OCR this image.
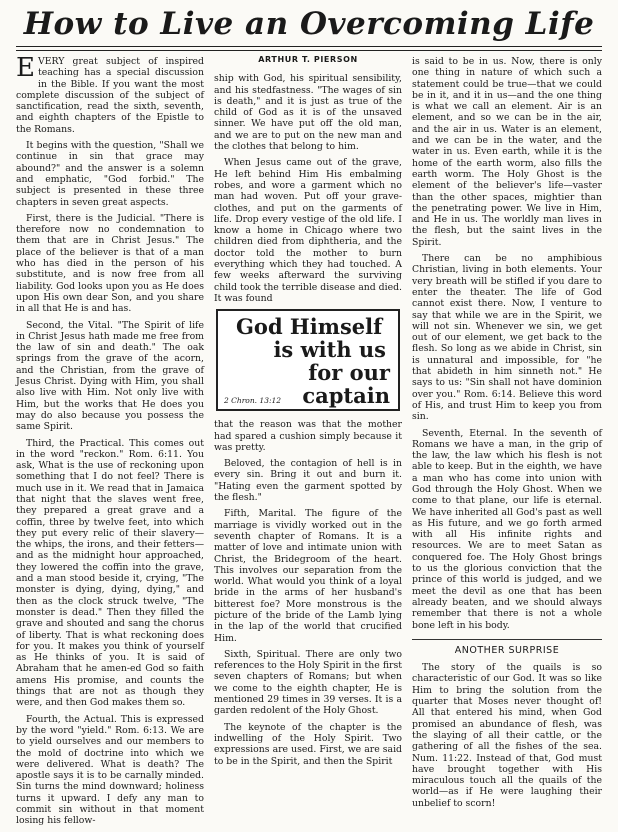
How to Live an Overcoming Life

EVERY great subject of inspired teaching has a special discussion in the Bible. If you want the most complete discussion of the subject of sanctification, read the sixth, seventh, and eighth chapters of the Epistle to the Romans.

It begins with the question, "Shall we continue in sin that grace may abound?" and the answer is a solemn and emphatic, "God forbid." The subject is presented in these three chapters in seven great aspects.

First, there is the Judicial. "There is therefore now no condemnation to them that are in Christ Jesus." The place of the believer is that of a man who has died in the person of his substitute, and is now free from all liability. God looks upon you as He does upon His own dear Son, and you share in all that He is and has.

Second, the Vital. "The Spirit of life in Christ Jesus hath made me free from the law of sin and death." The oak springs from the grave of the acorn, and the Christian, from the grave of Jesus Christ. Dying with Him, you shall also live with Him. Not only live with Him, but the works that He does you may do also because you possess the same Spirit.

Third, the Practical. This comes out in the word "reckon." Rom. 6:11. You ask, What is the use of reckoning upon something that I do not feel? There is much use in it. We read that in Jamaica that night that the slaves went free, they prepared a great grave and a coffin, three by twelve feet, into which they put every relic of their slavery—the whips, the irons, and their fetters—and as the midnight hour approached, they lowered the coffin into the grave, and a man stood beside it, crying, "The monster is dying, dying, dying," and then as the clock struck twelve, "The monster is dead." Then they filled the grave and shouted and sang the chorus of liberty. That is what reckoning does for you. It makes you think of yourself as He thinks of you. It is said of Abraham that he amen-ed God so faith amens His promise, and counts the things that are not as though they were, and then God makes them so.

Fourth, the Actual. This is expressed by the word "yield." Rom. 6:13. We are to yield ourselves and our members to the mold of doctrine into which we were delivered. What is death? The apostle says it is to be carnally minded. Sin turns the mind downward; holiness turns it upward. I defy any man to commit sin without in that moment losing his fellow-

ARTHUR T. PIERSON

ship with God, his spiritual sensibility, and his stedfastness. "The wages of sin is death," and it is just as true of the child of God as it is of the unsaved sinner. We have put off the old man, and we are to put on the new man and the clothes that belong to him.

When Jesus came out of the grave, He left behind Him His embalming robes, and wore a garment which no man had woven. Put off your grave-clothes, and put on the garments of life. Drop every vestige of the old life. I know a home in Chicago where two children died from diphtheria, and the doctor told the mother to burn everything which they had touched. A few weeks afterward the surviving child took the terrible disease and died. It was found

God Himself
is with us
for our captain
2 Chron. 13:12

that the reason was that the mother had spared a cushion simply because it was pretty.

Beloved, the contagion of hell is in every sin. Bring it out and burn it. "Hating even the garment spotted by the flesh."

Fifth, Marital. The figure of the marriage is vividly worked out in the seventh chapter of Romans. It is a matter of love and intimate union with Christ, the Bridegroom of the heart. This involves our separation from the world. What would you think of a loyal bride in the arms of her husband's bitterest foe? More monstrous is the picture of the bride of the Lamb lying in the lap of the world that crucified Him.

Sixth, Spiritual. There are only two references to the Holy Spirit in the first seven chapters of Romans; but when we come to the eighth chapter, He is mentioned 29 times in 39 verses. It is a garden redolent of the Holy Ghost.

The keynote of the chapter is the indwelling of the Holy Spirit. Two expressions are used. First, we are said to be in the Spirit, and then the Spirit

is said to be in us. Now, there is only one thing in nature of which such a statement could be true—that we could be in it, and it in us—and the one thing is what we call an element. Air is an element, and so we can be in the air, and the air in us. Water is an element, and we can be in the water, and the water in us. Even earth, while it is the home of the earth worm, also fills the earth worm. The Holy Ghost is the element of the believer's life—vaster than the other spaces, mightier than the penetrating power. We live in Him, and He in us. The worldly man lives in the flesh, but the saint lives in the Spirit.

There can be no amphibious Christian, living in both elements. Your very breath will be stifled if you dare to enter the theater. The life of God cannot exist there. Now, I venture to say that while we are in the Spirit, we will not sin. Whenever we sin, we get out of our element, we get back to the flesh. So long as we abide in Christ, sin is unnatural and impossible, for "he that abideth in him sinneth not." He says to us: "Sin shall not have dominion over you." Rom. 6:14. Believe this word of His, and trust Him to keep you from sin.

Seventh, Eternal. In the seventh of Romans we have a man, in the grip of the law, the law which his flesh is not able to keep. But in the eighth, we have a man who has come into union with God through the Holy Ghost. When we come to that plane, our life is eternal. We have inherited all God's past as well as His future, and we go forth armed with all His infinite rights and resources. We are to meet Satan as conquered foe. The Holy Ghost brings to us the glorious conviction that the prince of this world is judged, and we meet the devil as one that has been already beaten, and we should always remember that there is not a whole bone left in his body.

ANOTHER SURPRISE

The story of the quails is so characteristic of our God. It was so like Him to bring the solution from the quarter that Moses never thought of! All that entered his mind, when God promised an abundance of flesh, was the slaying of all their cattle, or the gathering of all the fishes of the sea. Num. 11:22. Instead of that, God must have brought together with His miraculous touch all the quails of the world—as if He were laughing their unbelief to scorn!
